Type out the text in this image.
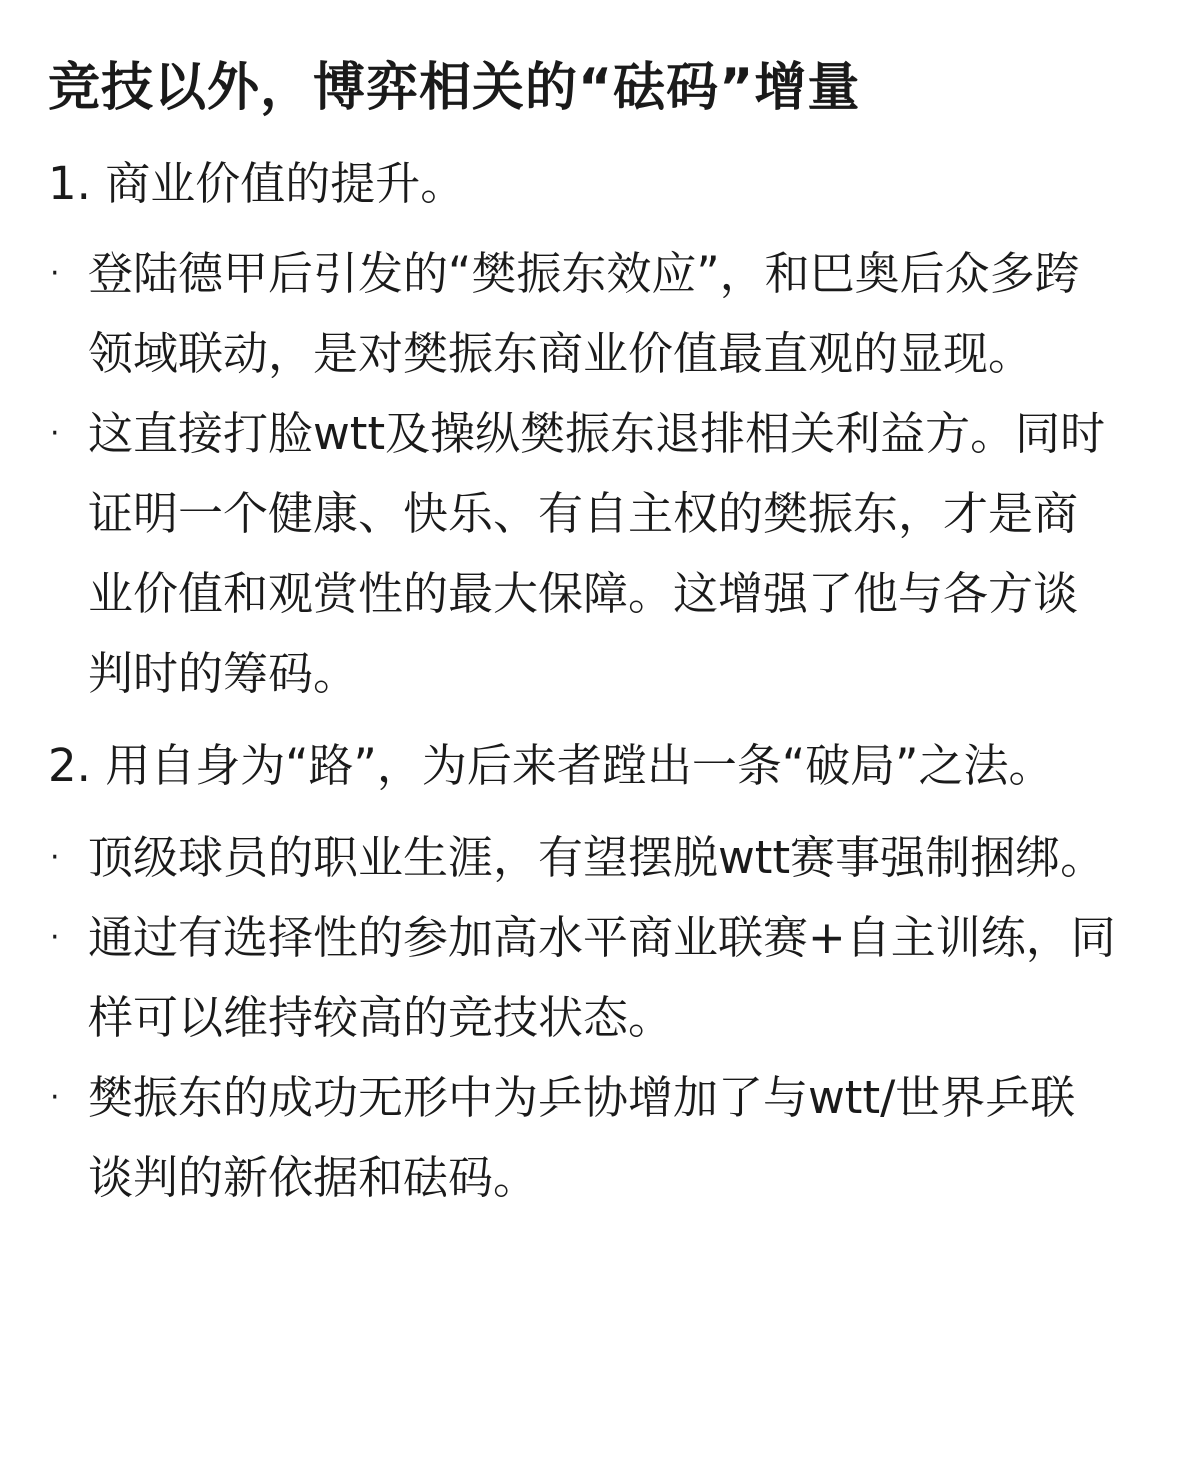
竞技以外，博弈相关的“砝码”增量
1. 商业价值的提升。
· 登陆德甲后引发的“樊振东效应”，和巴奥后众多跨领域联动，是对樊振东商业价值最直观的显现。
· 这直接打脸wtt及操纵樊振东退排相关利益方。同时证明一个健康、快乐、有自主权的樊振东，才是商业价值和观赏性的最大保障。这增强了他与各方谈判时的筹码。
2. 用自身为“路”，为后来者蹚出一条“破局”之法。
· 顶级球员的职业生涯，有望摆脱wtt赛事强制捆绑。
· 通过有选择性的参加高水平商业联赛+自主训练，同样可以维持较高的竞技状态。
· 樊振东的成功无形中为乒协增加了与wtt/世界乒联谈判的新依据和砝码。
